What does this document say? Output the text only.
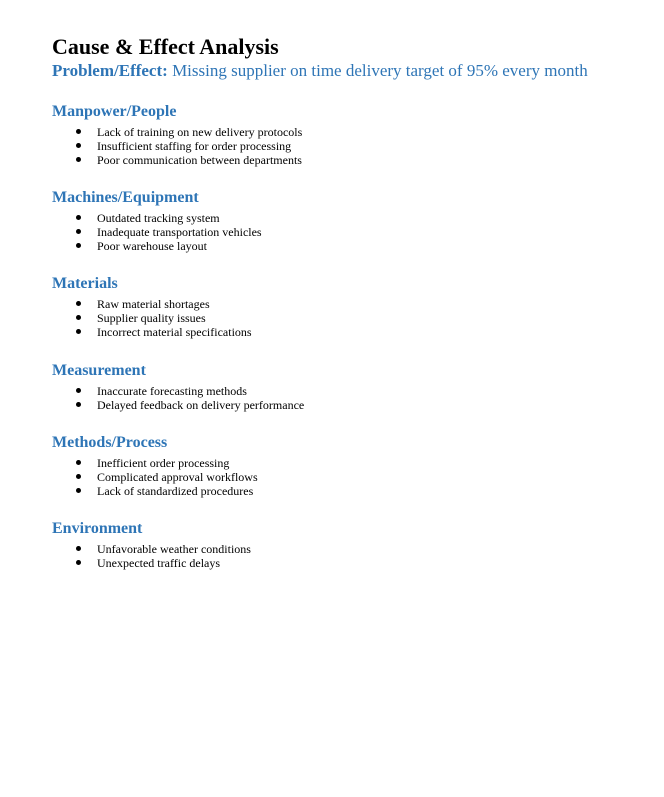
Cause & Effect Analysis

Problem/Effect: Missing supplier on time delivery target of 95% every month

Manpower/People
Lack of training on new delivery protocols
Insufficient staffing for order processing
Poor communication between departments
Machines/Equipment
Outdated tracking system
Inadequate transportation vehicles
Poor warehouse layout
Materials
Raw material shortages
Supplier quality issues
Incorrect material specifications
Measurement
Inaccurate forecasting methods
Delayed feedback on delivery performance
Methods/Process
Inefficient order processing
Complicated approval workflows
Lack of standardized procedures
Environment
Unfavorable weather conditions
Unexpected traffic delays
